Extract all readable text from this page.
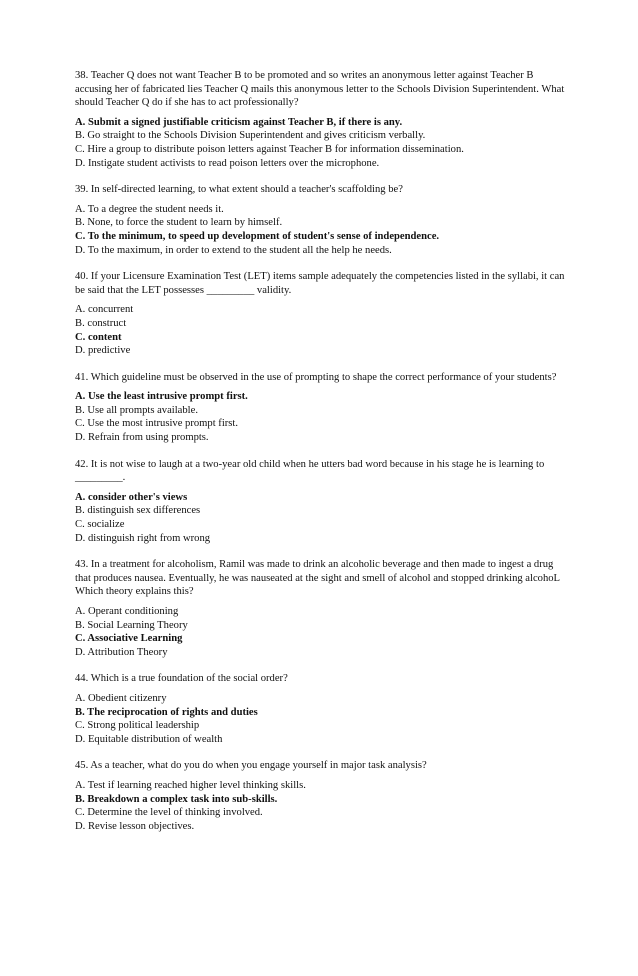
38. Teacher Q does not want Teacher B to be promoted and so writes an anonymous letter against Teacher B accusing her of fabricated lies Teacher Q mails this anonymous letter to the Schools Division Superintendent. What should Teacher Q do if she has to act professionally?
A. Submit a signed justifiable criticism against Teacher B, if there is any.
B. Go straight to the Schools Division Superintendent and gives criticism verbally.
C. Hire a group to distribute poison letters against Teacher B for information dissemination.
D. Instigate student activists to read poison letters over the microphone.
39. In self-directed learning, to what extent should a teacher's scaffolding be?
A. To a degree the student needs it.
B. None, to force the student to learn by himself.
C. To the minimum, to speed up development of student's sense of independence.
D. To the maximum, in order to extend to the student all the help he needs.
40. If your Licensure Examination Test (LET) items sample adequately the competencies listed in the syllabi, it can be said that the LET possesses _________ validity.
A. concurrent
B. construct
C. content
D. predictive
41. Which guideline must be observed in the use of prompting to shape the correct performance of your students?
A. Use the least intrusive prompt first.
B. Use all prompts available.
C. Use the most intrusive prompt first.
D. Refrain from using prompts.
42. It is not wise to laugh at a two-year old child when he utters bad word because in his stage he is learning to _________.
A. consider other's views
B. distinguish sex differences
C. socialize
D. distinguish right from wrong
43. In a treatment for alcoholism, Ramil was made to drink an alcoholic beverage and then made to ingest a drug that produces nausea. Eventually, he was nauseated at the sight and smell of alcohol and stopped drinking alcohoL Which theory explains this?
A. Operant conditioning
B. Social Learning Theory
C. Associative Learning
D. Attribution Theory
44. Which is a true foundation of the social order?
A. Obedient citizenry
B. The reciprocation of rights and duties
C. Strong political leadership
D. Equitable distribution of wealth
45. As a teacher, what do you do when you engage yourself in major task analysis?
A. Test if learning reached higher level thinking skills.
B. Breakdown a complex task into sub-skills.
C. Determine the level of thinking involved.
D. Revise lesson objectives.
